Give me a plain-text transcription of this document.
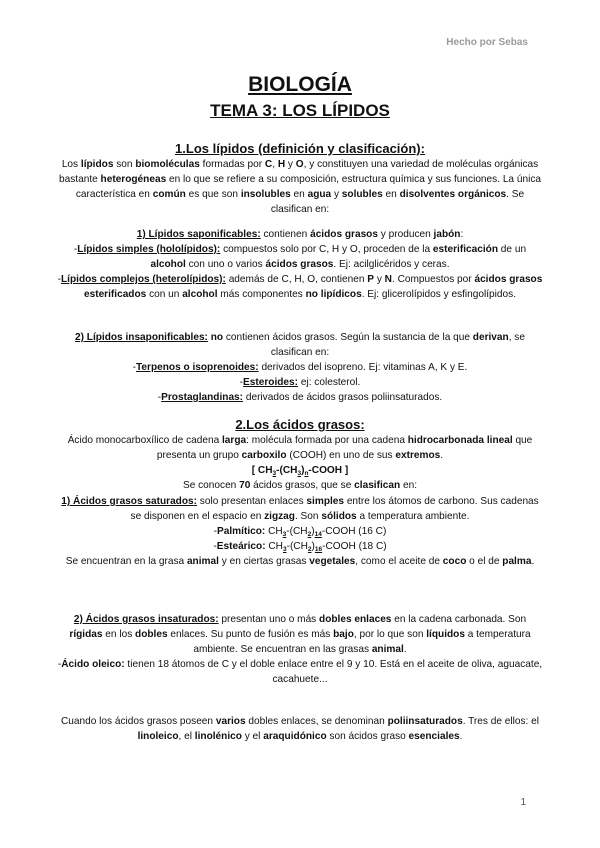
Hecho por Sebas
BIOLOGÍA
TEMA 3: LOS LÍPIDOS
1.Los lípidos (definición y clasificación):
Los lípidos son biomoléculas formadas por C, H y O, y constituyen una variedad de moléculas orgánicas bastante heterogéneas en lo que se refiere a su composición, estructura química y sus funciones. La única característica en común es que son insolubles en agua y solubles en disolventes orgánicos. Se clasifican en:
1) Lípidos saponificables: contienen ácidos grasos y producen jabón:
-Lípidos simples (hololípidos): compuestos solo por C, H y O, proceden de la esterificación de un alcohol con uno o varios ácidos grasos. Ej: acilglicéridos y ceras.
-Lípidos complejos (heterolípidos): además de C, H, O, contienen P y N. Compuestos por ácidos grasos esterificados con un alcohol más componentes no lipídicos. Ej: glicerolípidos y esfingolípidos.
2) Lípidos insaponificables: no contienen ácidos grasos. Según la sustancia de la que derivan, se clasifican en:
-Terpenos o isoprenoides: derivados del isopreno. Ej: vitaminas A, K y E.
-Esteroides: ej: colesterol.
-Prostaglandinas: derivados de ácidos grasos poliinsaturados.
2.Los ácidos grasos:
Ácido monocarboxílico de cadena larga: molécula formada por una cadena hidrocarbonada lineal que presenta un grupo carboxilo (COOH) en uno de sus extremos.
[ $CH_3-(CH_3)_n$-COOH ]
Se conocen 70 ácidos grasos, que se clasifican en:
1) Ácidos grasos saturados: solo presentan enlaces simples entre los átomos de carbono. Sus cadenas se disponen en el espacio en zigzag. Son sólidos a temperatura ambiente.
-Palmítico: $CH_3-(CH_2)_{14}$-COOH (16 C)
-Esteárico: $CH_3-(CH_2)_{16}$-COOH (18 C)
Se encuentran en la grasa animal y en ciertas grasas vegetales, como el aceite de coco o el de palma.
2) Ácidos grasos insaturados: presentan uno o más dobles enlaces en la cadena carbonada. Son rígidas en los dobles enlaces. Su punto de fusión es más bajo, por lo que son líquidos a temperatura ambiente. Se encuentran en las grasas animal.
-Ácido oleico: tienen 18 átomos de C y el doble enlace entre el 9 y 10. Está en el aceite de oliva, aguacate, cacahuete...
Cuando los ácidos grasos poseen varios dobles enlaces, se denominan poliinsaturados. Tres de ellos: el linoleico, el linolénico y el araquidónico son ácidos graso esenciales.
1
